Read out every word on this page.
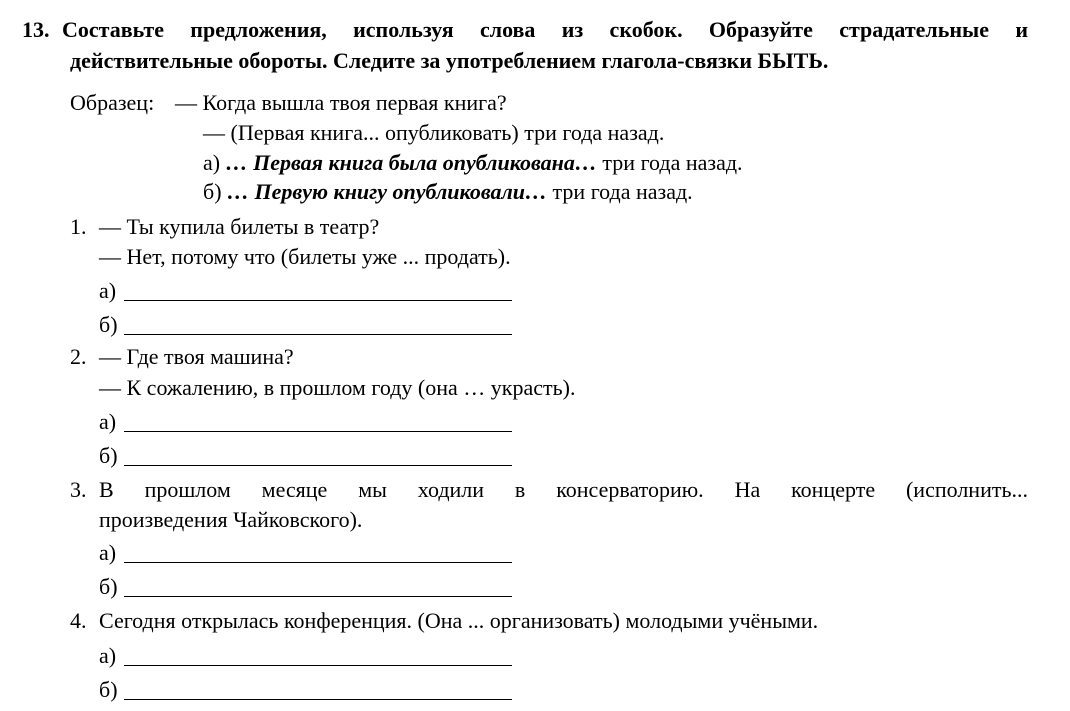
13. Составьте предложения, используя слова из скобок. Образуйте страдательные и
действительные обороты. Следите за употреблением глагола-связки БЫТЬ.
Образец: — Когда вышла твоя первая книга?
— (Первая книга... опубликовать) три года назад.
а) … Первая книга была опубликована… три года назад.
б) … Первую книгу опубликовали… три года назад.
1. — Ты купила билеты в театр?
— Нет, потому что (билеты уже ... продать).
а)
б)
2. — Где твоя машина?
— К сожалению, в прошлом году (она … украсть).
а)
б)
3. В прошлом месяце мы ходили в консерваторию. На концерте (исполнить...
произведения Чайковского).
а)
б)
4. Сегодня открылась конференция. (Она ... организовать) молодыми учёными.
а)
б)
